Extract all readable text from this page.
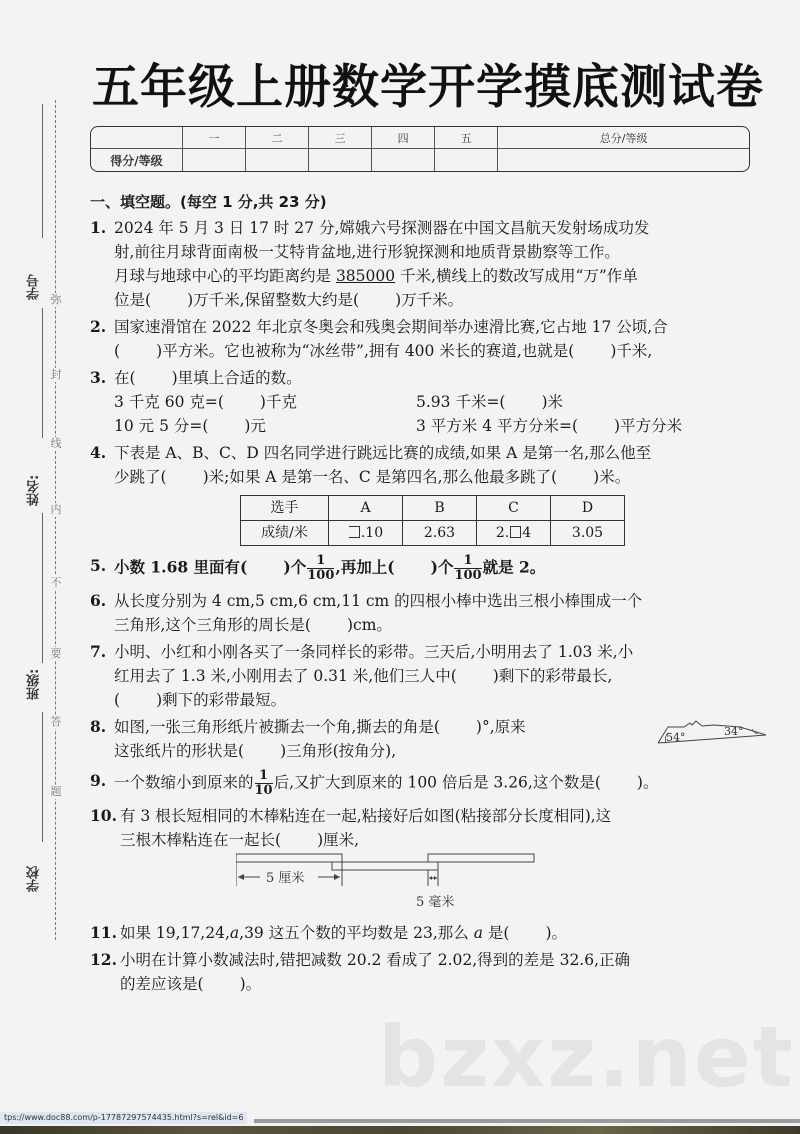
学号
姓名:
班级:
学校
弥
封
线
内
不
要
答
题
五年级上册数学开学摸底测试卷
	一	二	三	四	五	总分/等级
得分/等级						
一、填空题。(每空 1 分,共 23 分)
1. 2024 年 5 月 3 日 17 时 27 分,嫦娥六号探测器在中国文昌航天发射场成功发
射,前往月球背面南极一艾特肯盆地,进行形貌探测和地质背景勘察等工作。
月球与地球中心的平均距离约是 385000 千米,横线上的数改写成用“万”作单
位是( )万千米,保留整数大约是( )万千米。
2. 国家速滑馆在 2022 年北京冬奥会和残奥会期间举办速滑比赛,它占地 17 公顷,合
( )平方米。它也被称为“冰丝带”,拥有 400 米长的赛道,也就是( )千米,
3. 在( )里填上合适的数。
3 千克 60 克=( )千克	5.93 千米=( )米
10 元 5 分=( )元	3 平方米 4 平方分米=( )平方分米
4. 下表是 A、B、C、D 四名同学进行跳远比赛的成绩,如果 A 是第一名,那么他至
少跳了( )米;如果 A 是第一名、C 是第四名,那么他最多跳了( )米。
选手	A	B	C	D
成绩/米	.10	2.63	2. 4	3.05
5. 小数 1.68 里面有( )个 $\frac{1}{100}$ ,再加上( )个 $\frac{1}{100}$ 就是 2。
6. 从长度分别为 4 cm,5 cm,6 cm,11 cm 的四根小棒中选出三根小棒围成一个
三角形,这个三角形的周长是( )cm。
7. 小明、小红和小刚各买了一条同样长的彩带。三天后,小明用去了 1.03 米,小
红用去了 1.3 米,小刚用去了 0.31 米,他们三人中( )剩下的彩带最长,
( )剩下的彩带最短。
8. 如图,一张三角形纸片被撕去一个角,撕去的角是( )°,原来
这张纸片的形状是( )三角形(按角分),
54°	34°
9. 一个数缩小到原来的 $\frac{1}{10}$ 后,又扩大到原来的 100 倍后是 3.26,这个数是( )。
10. 有 3 根长短相同的木棒粘连在一起,粘接好后如图(粘接部分长度相同),这
三根木棒粘连在一起长( )厘米,
5 厘米
5 毫米
11. 如果 19,17,24,a,39 这五个数的平均数是 23,那么 a 是( )。
12. 小明在计算小数减法时,错把减数 20.2 看成了 2.02,得到的差是 32.6,正确
的差应该是( )。
bzxz.net
tps://www.doc88.com/p-17787297574435.html?s=rel&id=6
